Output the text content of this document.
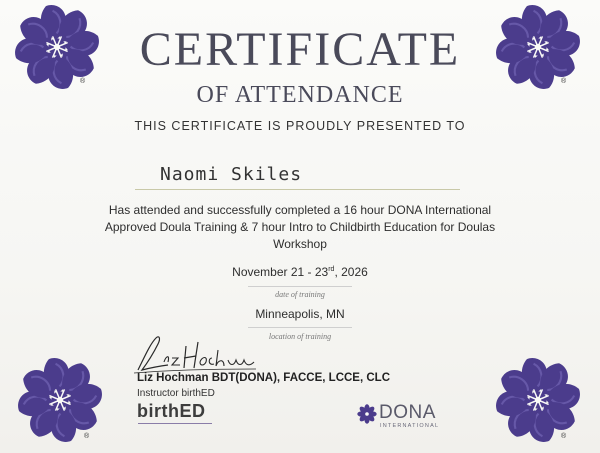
®	®
®	®
CERTIFICATE
OF ATTENDANCE
THIS CERTIFICATE IS PROUDLY PRESENTED TO
Naomi Skiles
Has attended and successfully completed a 16 hour DONA International Approved Doula Training & 7 hour Intro to Childbirth Education for Doulas Workshop
November 21 - 23rd, 2026
date of training
Minneapolis, MN
location of training
Liz Hochman BDT(DONA), FACCE, LCCE, CLC
Instructor birthED
birthED	DONA
INTERNATIONAL
